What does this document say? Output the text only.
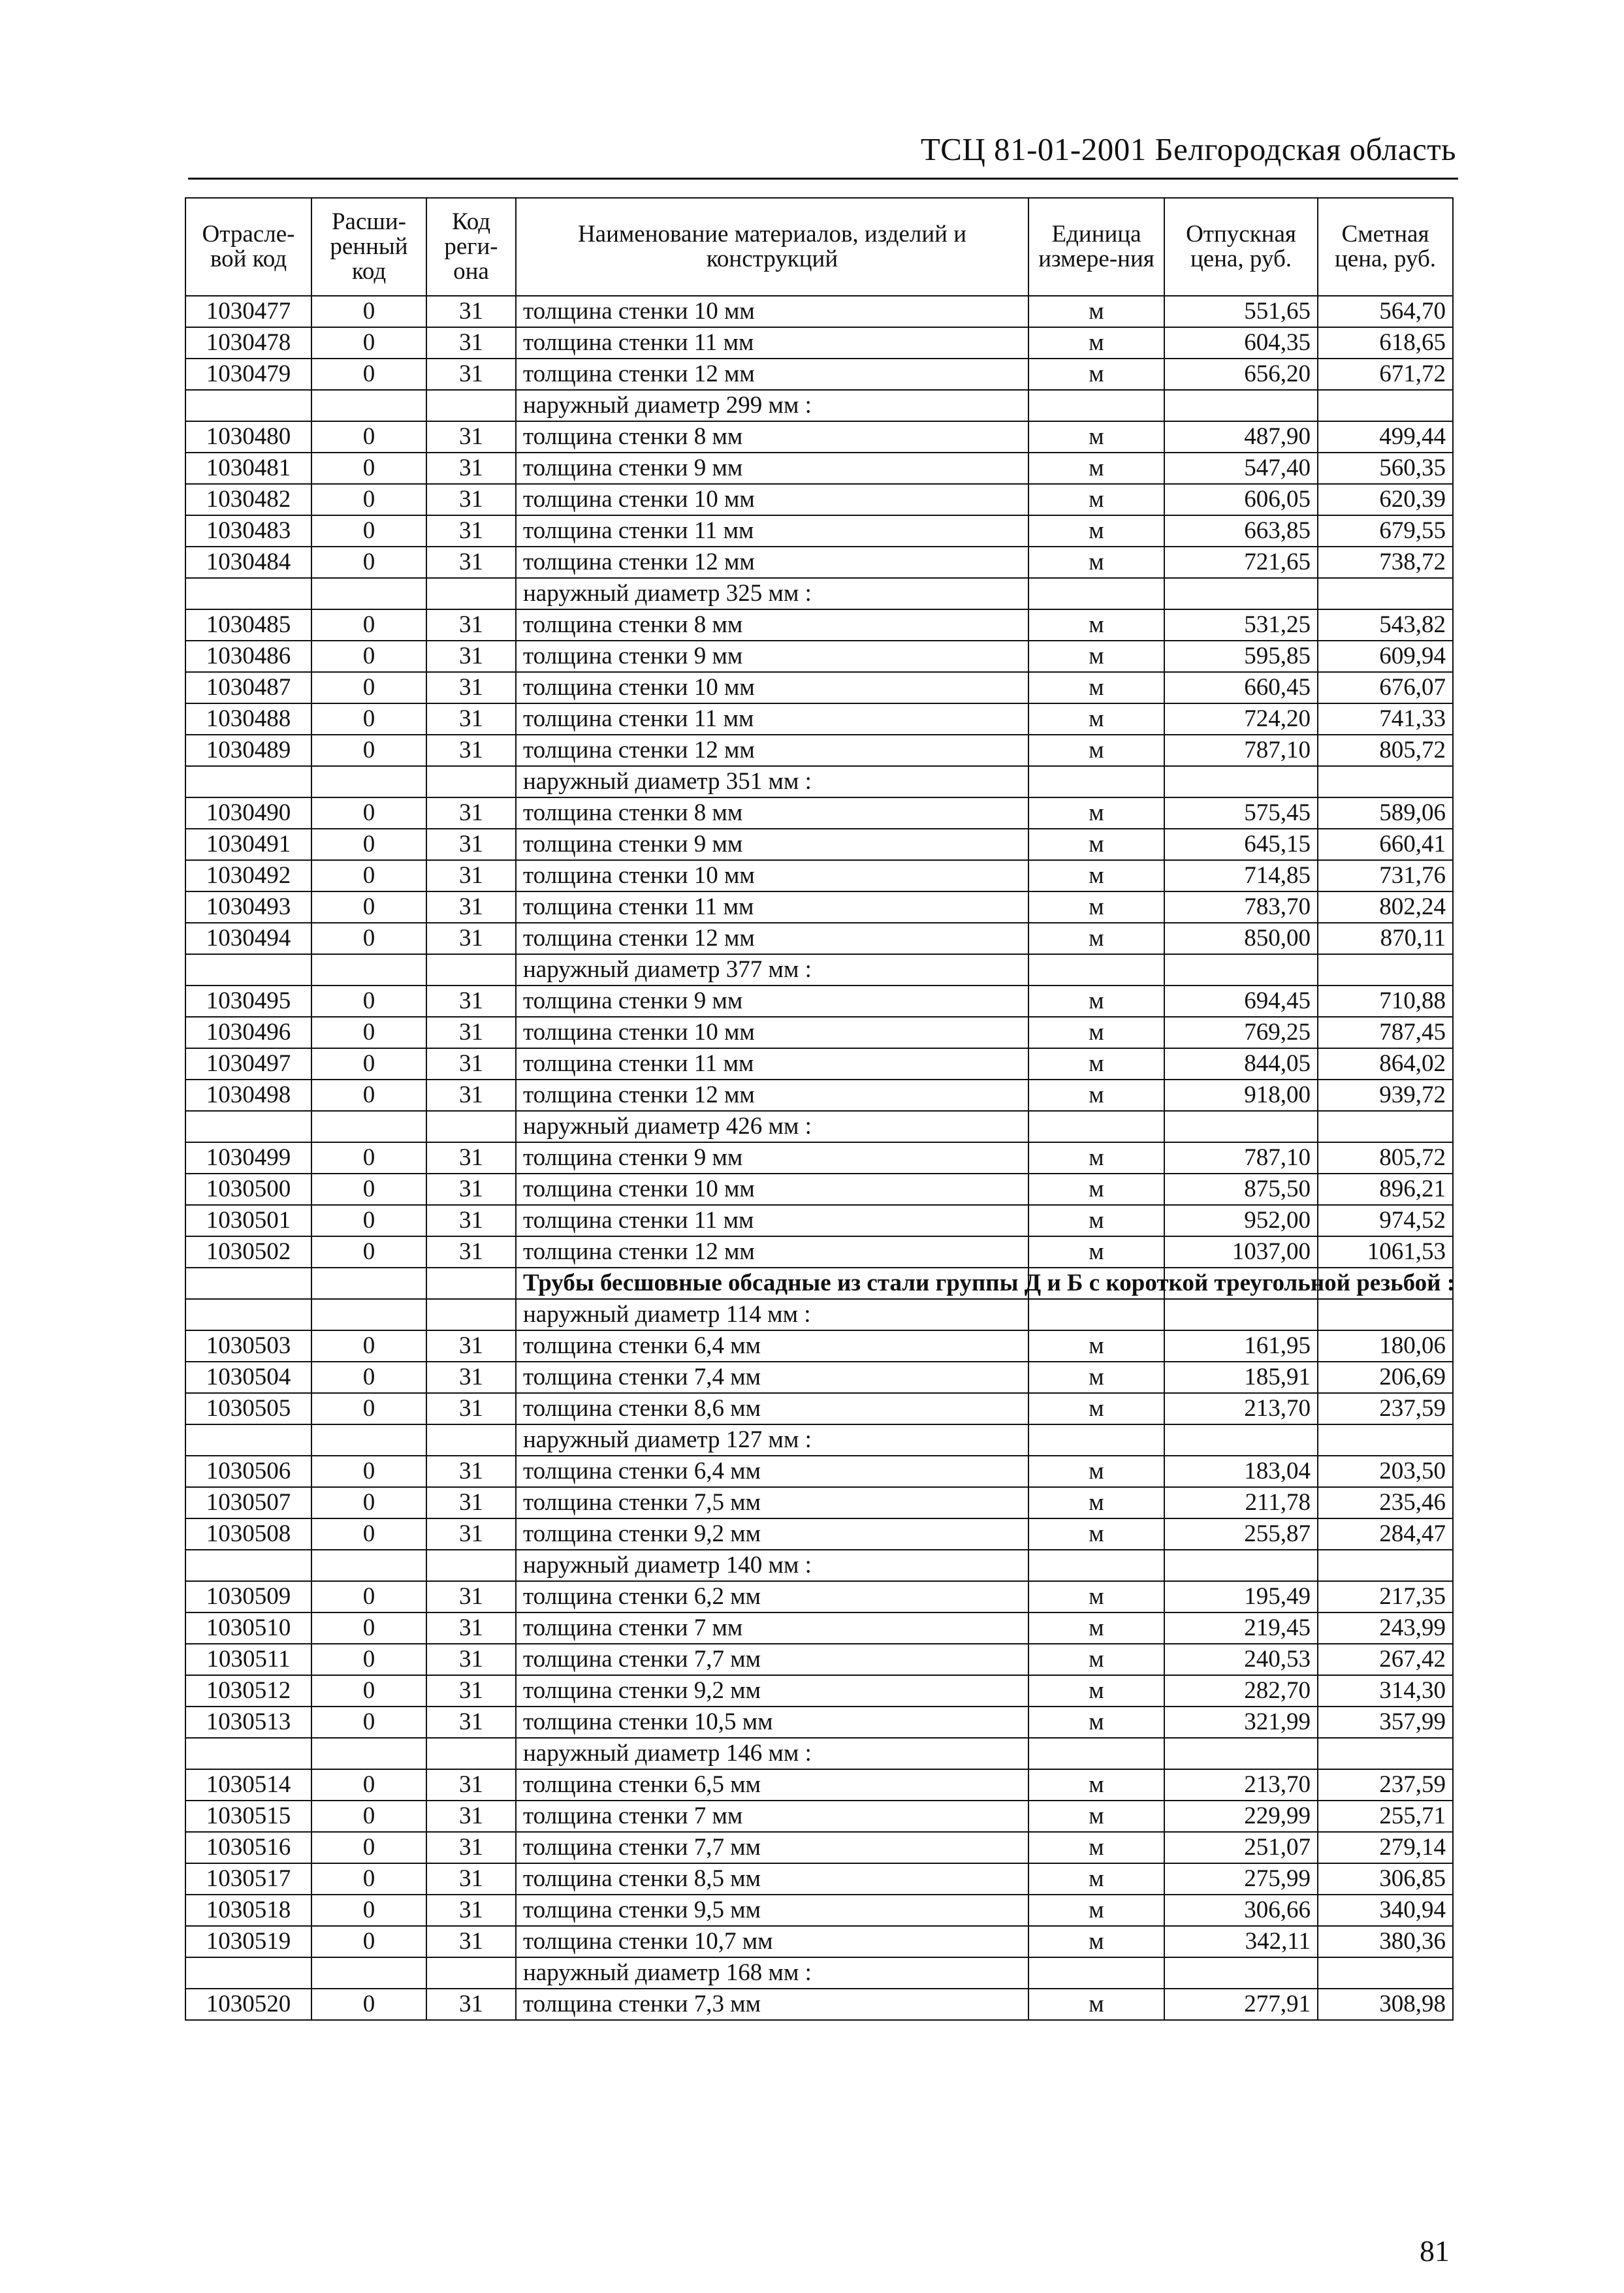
ТСЦ 81-01-2001 Белгородская область
Отрасле-вой код	Расши-ренный код	Код реги-она	Наименование материалов, изделий и конструкций	Единица измере-ния	Отпускная цена, руб.	Сметная цена, руб.
1030477	0	31	толщина стенки 10 мм	м	551,65	564,70
1030478	0	31	толщина стенки 11 мм	м	604,35	618,65
1030479	0	31	толщина стенки 12 мм	м	656,20	671,72
			наружный диаметр 299 мм :			
1030480	0	31	толщина стенки 8 мм	м	487,90	499,44
1030481	0	31	толщина стенки 9 мм	м	547,40	560,35
1030482	0	31	толщина стенки 10 мм	м	606,05	620,39
1030483	0	31	толщина стенки 11 мм	м	663,85	679,55
1030484	0	31	толщина стенки 12 мм	м	721,65	738,72
			наружный диаметр 325 мм :			
1030485	0	31	толщина стенки 8 мм	м	531,25	543,82
1030486	0	31	толщина стенки 9 мм	м	595,85	609,94
1030487	0	31	толщина стенки 10 мм	м	660,45	676,07
1030488	0	31	толщина стенки 11 мм	м	724,20	741,33
1030489	0	31	толщина стенки 12 мм	м	787,10	805,72
			наружный диаметр 351 мм :			
1030490	0	31	толщина стенки 8 мм	м	575,45	589,06
1030491	0	31	толщина стенки 9 мм	м	645,15	660,41
1030492	0	31	толщина стенки 10 мм	м	714,85	731,76
1030493	0	31	толщина стенки 11 мм	м	783,70	802,24
1030494	0	31	толщина стенки 12 мм	м	850,00	870,11
			наружный диаметр 377 мм :			
1030495	0	31	толщина стенки 9 мм	м	694,45	710,88
1030496	0	31	толщина стенки 10 мм	м	769,25	787,45
1030497	0	31	толщина стенки 11 мм	м	844,05	864,02
1030498	0	31	толщина стенки 12 мм	м	918,00	939,72
			наружный диаметр 426 мм :			
1030499	0	31	толщина стенки 9 мм	м	787,10	805,72
1030500	0	31	толщина стенки 10 мм	м	875,50	896,21
1030501	0	31	толщина стенки 11 мм	м	952,00	974,52
1030502	0	31	толщина стенки 12 мм	м	1037,00	1061,53
			Трубы бесшовные обсадные из стали группы Д и Б с короткой треугольной резьбой :			
			наружный диаметр 114 мм :			
1030503	0	31	толщина стенки 6,4 мм	м	161,95	180,06
1030504	0	31	толщина стенки 7,4 мм	м	185,91	206,69
1030505	0	31	толщина стенки 8,6 мм	м	213,70	237,59
			наружный диаметр 127 мм :			
1030506	0	31	толщина стенки 6,4 мм	м	183,04	203,50
1030507	0	31	толщина стенки 7,5 мм	м	211,78	235,46
1030508	0	31	толщина стенки 9,2 мм	м	255,87	284,47
			наружный диаметр 140 мм :			
1030509	0	31	толщина стенки 6,2 мм	м	195,49	217,35
1030510	0	31	толщина стенки 7 мм	м	219,45	243,99
1030511	0	31	толщина стенки 7,7 мм	м	240,53	267,42
1030512	0	31	толщина стенки 9,2 мм	м	282,70	314,30
1030513	0	31	толщина стенки 10,5 мм	м	321,99	357,99
			наружный диаметр 146 мм :			
1030514	0	31	толщина стенки 6,5 мм	м	213,70	237,59
1030515	0	31	толщина стенки 7 мм	м	229,99	255,71
1030516	0	31	толщина стенки 7,7 мм	м	251,07	279,14
1030517	0	31	толщина стенки 8,5 мм	м	275,99	306,85
1030518	0	31	толщина стенки 9,5 мм	м	306,66	340,94
1030519	0	31	толщина стенки 10,7 мм	м	342,11	380,36
			наружный диаметр 168 мм :			
1030520	0	31	толщина стенки 7,3 мм	м	277,91	308,98
81
